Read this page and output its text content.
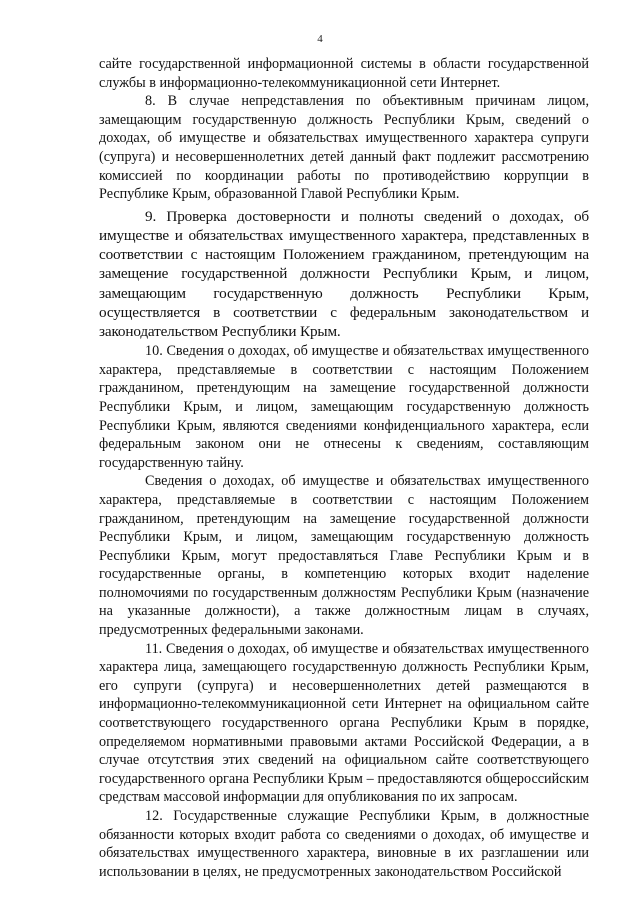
4

сайте государственной информационной системы в области государственной службы в информационно-телекоммуникационной сети Интернет.

8. В случае непредставления по объективным причинам лицом, замещающим государственную должность Республики Крым, сведений о доходах, об имуществе и обязательствах имущественного характера супруги (супруга) и несовершеннолетних детей данный факт подлежит рассмотрению комиссией по координации работы по противодействию коррупции в Республике Крым, образованной Главой Республики Крым.

9. Проверка достоверности и полноты сведений о доходах, об имуществе и обязательствах имущественного характера, представленных в соответствии с настоящим Положением гражданином, претендующим на замещение государственной должности Республики Крым, и лицом, замещающим государственную должность Республики Крым, осуществляется в соответствии с федеральным законодательством и законодательством Республики Крым.

10. Сведения о доходах, об имуществе и обязательствах имущественного характера, представляемые в соответствии с настоящим Положением гражданином, претендующим на замещение государственной должности Республики Крым, и лицом, замещающим государственную должность Республики Крым, являются сведениями конфиденциального характера, если федеральным законом они не отнесены к сведениям, составляющим государственную тайну.

Сведения о доходах, об имуществе и обязательствах имущественного характера, представляемые в соответствии с настоящим Положением гражданином, претендующим на замещение государственной должности Республики Крым, и лицом, замещающим государственную должность Республики Крым, могут предоставляться Главе Республики Крым и в государственные органы, в компетенцию которых входит наделение полномочиями по государственным должностям Республики Крым (назначение на указанные должности), а также должностным лицам в случаях, предусмотренных федеральными законами.

11. Сведения о доходах, об имуществе и обязательствах имущественного характера лица, замещающего государственную должность Республики Крым, его супруги (супруга) и несовершеннолетних детей размещаются в информационно-телекоммуникационной сети Интернет на официальном сайте соответствующего государственного органа Республики Крым в порядке, определяемом нормативными правовыми актами Российской Федерации, а в случае отсутствия этих сведений на официальном сайте соответствующего государственного органа Республики Крым – предоставляются общероссийским средствам массовой информации для опубликования по их запросам.

12. Государственные служащие Республики Крым, в должностные обязанности которых входит работа со сведениями о доходах, об имуществе и обязательствах имущественного характера, виновные в их разглашении или использовании в целях, не предусмотренных законодательством Российской
